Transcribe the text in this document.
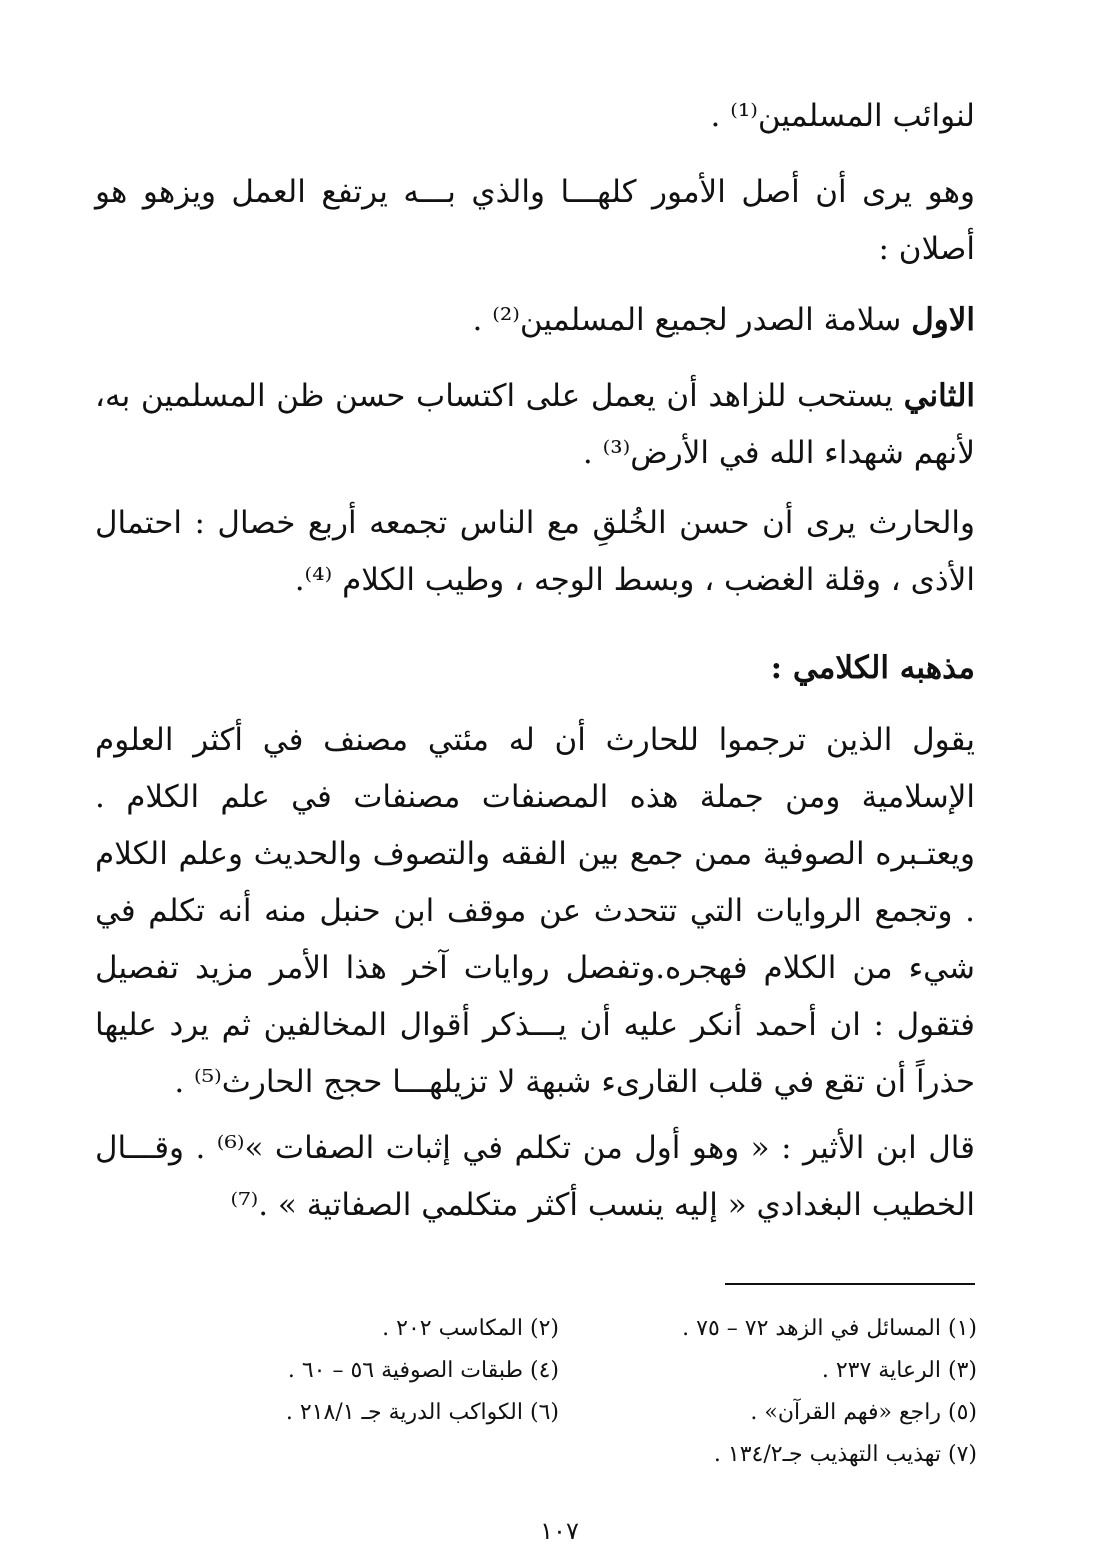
لنوائب المسلمين⁽¹⁾ .
وهو يرى أن أصل الأمور كلهـــا والذي بـــه يرتفع العمل ويزهو هو أصلان :
الاول سلامة الصدر لجميع المسلمين⁽²⁾ .
الثاني يستحب للزاهد أن يعمل على اكتساب حسن ظن المسلمين به، لأنهم شهداء الله في الأرض⁽³⁾ .
والحارث يرى أن حسن الخُلقِ مع الناس تجمعه أربع خصال : احتمال الأذى ، وقلة الغضب ، وبسط الوجه ، وطيب الكلام ⁽⁴⁾.
مذهبه الكلامي :
يقول الذين ترجموا للحارث أن له مئتي مصنف في أكثر العلوم الإسلامية ومن جملة هذه المصنفات مصنفات في علم الكلام . ويعتـبره الصوفية ممن جمع بين الفقه والتصوف والحديث وعلم الكلام . وتجمع الروايات التي تتحدث عن موقف ابن حنبل منه أنه تكلم في شيء من الكلام فهجره.وتفصل روايات آخر هذا الأمر مزيد تفصيل فتقول : ان أحمد أنكر عليه أن يـــذكر أقوال المخالفين ثم يرد عليها حذراً أن تقع في قلب القارىء شبهة لا تزيلهـــا حجج الحارث⁽⁵⁾ .
قال ابن الأثير : « وهو أول من تكلم في إثبات الصفات »⁽⁶⁾ . وقـــال الخطيب البغدادي « إليه ينسب أكثر متكلمي الصفاتية » .⁽⁷⁾
(١) المسائل في الزهد ٧٢ – ٧٥ .
(٢) المكاسب ٢٠٢ .
(٣) الرعاية ٢٣٧ .
(٤) طبقات الصوفية ٥٦ – ٦٠ .
(٥) راجع «فهم القرآن» .
(٦) الكواكب الدرية جـ ٢١٨/١ .
(٧) تهذيب التهذيب جـ١٣٤/٢ .
١٠٧
